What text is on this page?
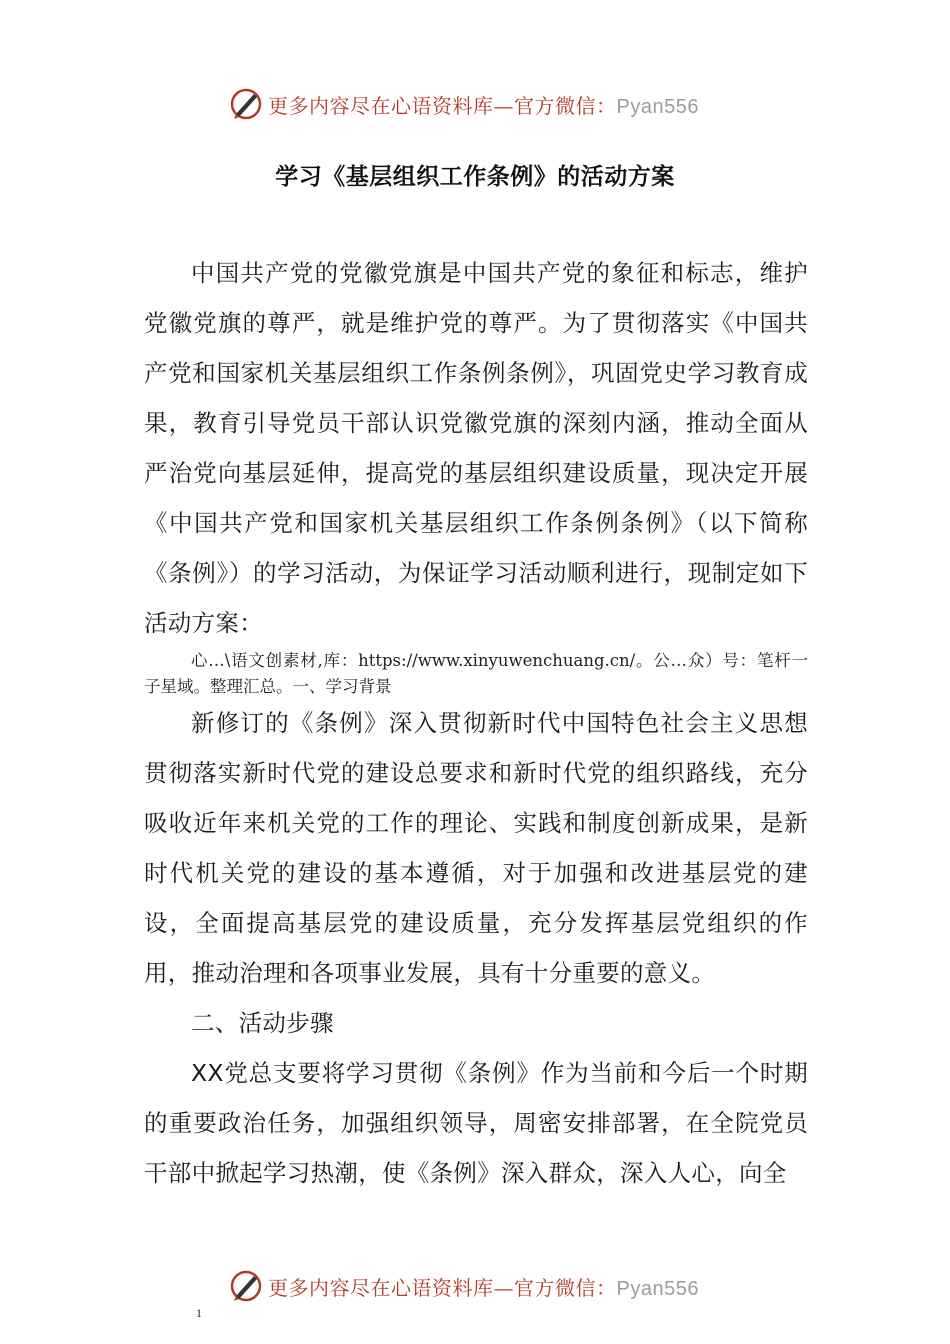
更多内容尽在心语资料库—官方微信：Pyan556
学习《基层组织工作条例》的活动方案

中国共产党的党徽党旗是中国共产党的象征和标志，维护党徽党旗的尊严，就是维护党的尊严。为了贯彻落实《中国共产党和国家机关基层组织工作条例条例》，巩固党史学习教育成果，教育引导党员干部认识党徽党旗的深刻内涵，推动全面从严治党向基层延伸，提高党的基层组织建设质量，现决定开展《中国共产党和国家机关基层组织工作条例条例》（以下简称《条例》）的学习活动，为保证学习活动顺利进行，现制定如下活动方案：

心…\语文创素材,库：https://www.xinyuwenchuang.cn/。公…众）号：笔杆一子星域。整理汇总。一、学习背景

新修订的《条例》深入贯彻新时代中国特色社会主义思想贯彻落实新时代党的建设总要求和新时代党的组织路线，充分吸收近年来机关党的工作的理论、实践和制度创新成果，是新时代机关党的建设的基本遵循，对于加强和改进基层党的建设，全面提高基层党的建设质量，充分发挥基层党组织的作用，推动治理和各项事业发展，具有十分重要的意义。

二、活动步骤

XX党总支要将学习贯彻《条例》作为当前和今后一个时期的重要政治任务，加强组织领导，周密安排部署，在全院党员干部中掀起学习热潮，使《条例》深入群众，深入人心，向全

更多内容尽在心语资料库—官方微信：Pyan556
1
